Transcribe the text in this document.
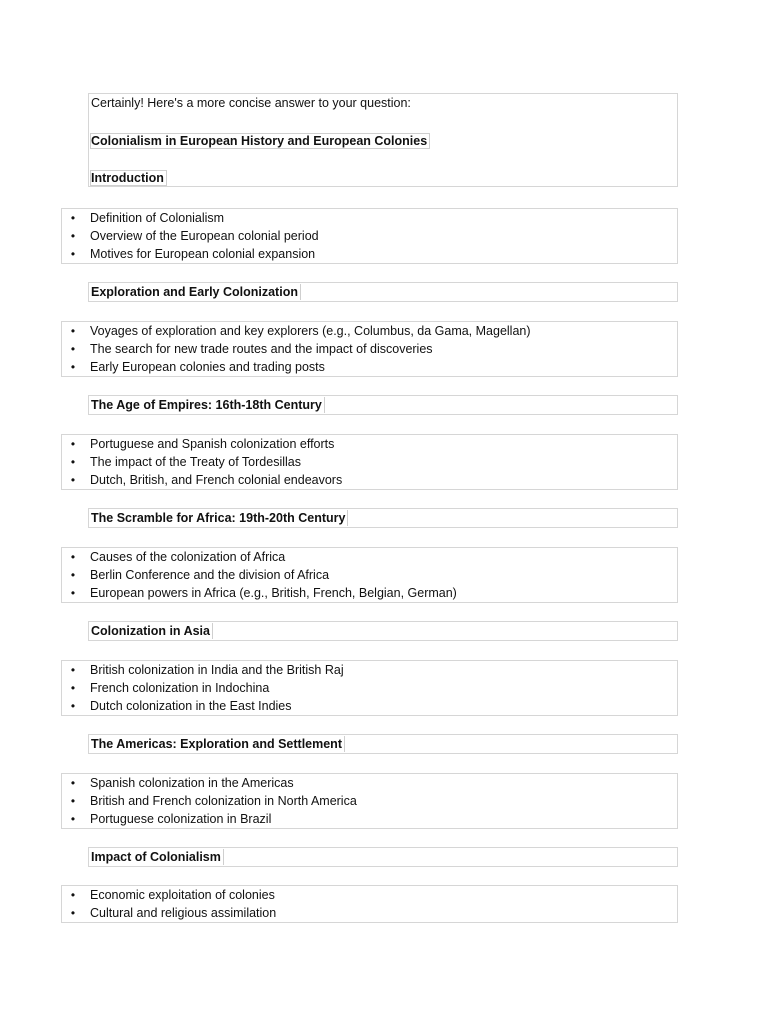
Certainly! Here's a more concise answer to your question:
Colonialism in European History and European Colonies
Introduction
• Definition of Colonialism
• Overview of the European colonial period
• Motives for European colonial expansion
Exploration and Early Colonization
• Voyages of exploration and key explorers (e.g., Columbus, da Gama, Magellan)
• The search for new trade routes and the impact of discoveries
• Early European colonies and trading posts
The Age of Empires: 16th-18th Century
• Portuguese and Spanish colonization efforts
• The impact of the Treaty of Tordesillas
• Dutch, British, and French colonial endeavors
The Scramble for Africa: 19th-20th Century
• Causes of the colonization of Africa
• Berlin Conference and the division of Africa
• European powers in Africa (e.g., British, French, Belgian, German)
Colonization in Asia
• British colonization in India and the British Raj
• French colonization in Indochina
• Dutch colonization in the East Indies
The Americas: Exploration and Settlement
• Spanish colonization in the Americas
• British and French colonization in North America
• Portuguese colonization in Brazil
Impact of Colonialism
• Economic exploitation of colonies
• Cultural and religious assimilation
